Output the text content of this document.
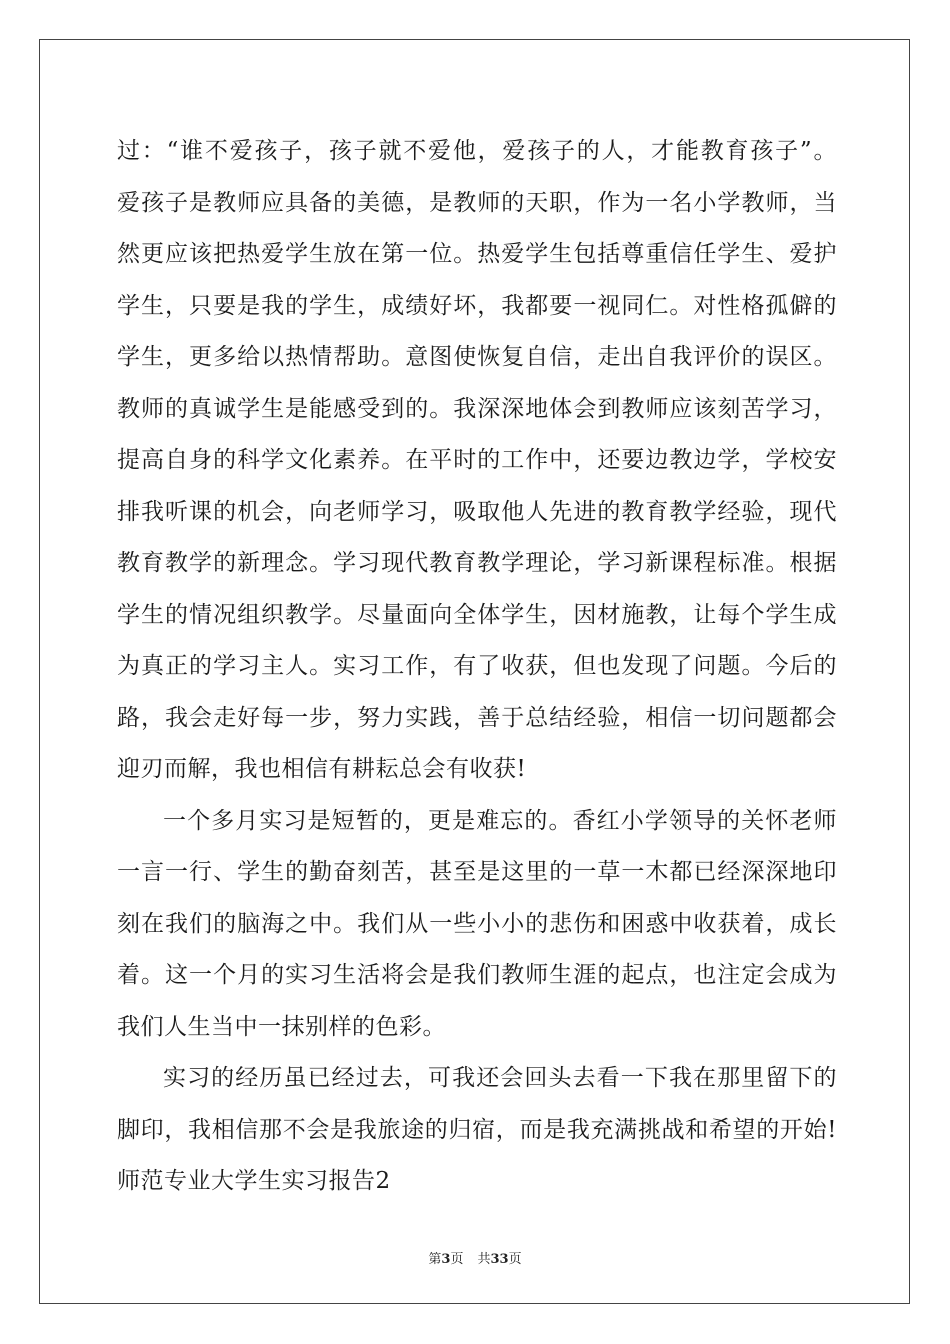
过：“谁不爱孩子，孩子就不爱他，爱孩子的人，才能教育孩子”。
爱孩子是教师应具备的美德，是教师的天职，作为一名小学教师，当
然更应该把热爱学生放在第一位。热爱学生包括尊重信任学生、爱护
学生，只要是我的学生，成绩好坏，我都要一视同仁。对性格孤僻的
学生，更多给以热情帮助。意图使恢复自信，走出自我评价的误区。
教师的真诚学生是能感受到的。我深深地体会到教师应该刻苦学习，
提高自身的科学文化素养。在平时的工作中，还要边教边学，学校安
排我听课的机会，向老师学习，吸取他人先进的教育教学经验，现代
教育教学的新理念。学习现代教育教学理论，学习新课程标准。根据
学生的情况组织教学。尽量面向全体学生，因材施教，让每个学生成
为真正的学习主人。实习工作，有了收获，但也发现了问题。今后的
路，我会走好每一步，努力实践，善于总结经验，相信一切问题都会
迎刃而解，我也相信有耕耘总会有收获!
一个多月实习是短暂的，更是难忘的。香红小学领导的关怀老师
一言一行、学生的勤奋刻苦，甚至是这里的一草一木都已经深深地印
刻在我们的脑海之中。我们从一些小小的悲伤和困惑中收获着，成长
着。这一个月的实习生活将会是我们教师生涯的起点，也注定会成为
我们人生当中一抹别样的色彩。
实习的经历虽已经过去，可我还会回头去看一下我在那里留下的
脚印，我相信那不会是我旅途的归宿，而是我充满挑战和希望的开始!
师范专业大学生实习报告2
第3页 共33页
